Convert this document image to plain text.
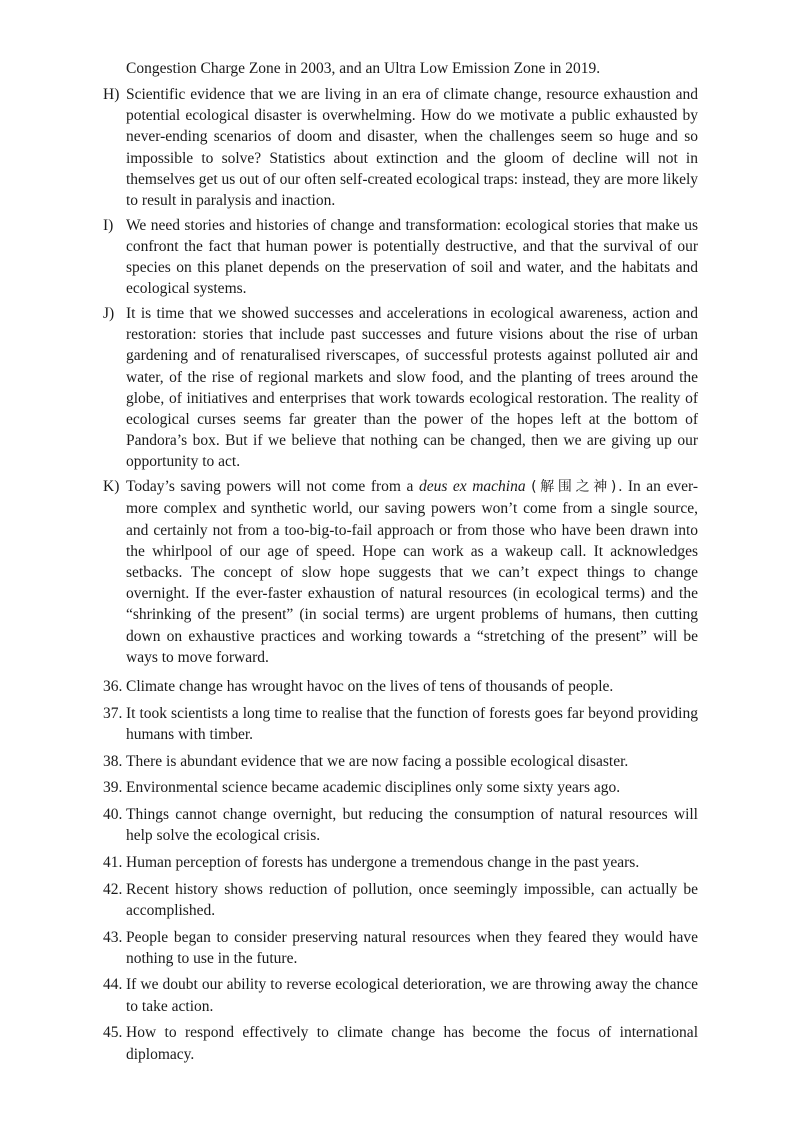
Congestion Charge Zone in 2003, and an Ultra Low Emission Zone in 2019.
H) Scientific evidence that we are living in an era of climate change, resource exhaustion and potential ecological disaster is overwhelming. How do we motivate a public exhausted by never-ending scenarios of doom and disaster, when the challenges seem so huge and so impossible to solve? Statistics about extinction and the gloom of decline will not in themselves get us out of our often self-created ecological traps: instead, they are more likely to result in paralysis and inaction.
I) We need stories and histories of change and transformation: ecological stories that make us confront the fact that human power is potentially destructive, and that the survival of our species on this planet depends on the preservation of soil and water, and the habitats and ecological systems.
J) It is time that we showed successes and accelerations in ecological awareness, action and restoration: stories that include past successes and future visions about the rise of urban gardening and of renaturalised riverscapes, of successful protests against polluted air and water, of the rise of regional markets and slow food, and the planting of trees around the globe, of initiatives and enterprises that work towards ecological restoration. The reality of ecological curses seems far greater than the power of the hopes left at the bottom of Pandora’s box. But if we believe that nothing can be changed, then we are giving up our opportunity to act.
K) Today’s saving powers will not come from a deus ex machina (解围之神). In an ever-more complex and synthetic world, our saving powers won’t come from a single source, and certainly not from a too-big-to-fail approach or from those who have been drawn into the whirlpool of our age of speed. Hope can work as a wakeup call. It acknowledges setbacks. The concept of slow hope suggests that we can’t expect things to change overnight. If the ever-faster exhaustion of natural resources (in ecological terms) and the “shrinking of the present” (in social terms) are urgent problems of humans, then cutting down on exhaustive practices and working towards a “stretching of the present” will be ways to move forward.
36. Climate change has wrought havoc on the lives of tens of thousands of people.
37. It took scientists a long time to realise that the function of forests goes far beyond providing humans with timber.
38. There is abundant evidence that we are now facing a possible ecological disaster.
39. Environmental science became academic disciplines only some sixty years ago.
40. Things cannot change overnight, but reducing the consumption of natural resources will help solve the ecological crisis.
41. Human perception of forests has undergone a tremendous change in the past years.
42. Recent history shows reduction of pollution, once seemingly impossible, can actually be accomplished.
43. People began to consider preserving natural resources when they feared they would have nothing to use in the future.
44. If we doubt our ability to reverse ecological deterioration, we are throwing away the chance to take action.
45. How to respond effectively to climate change has become the focus of international diplomacy.
